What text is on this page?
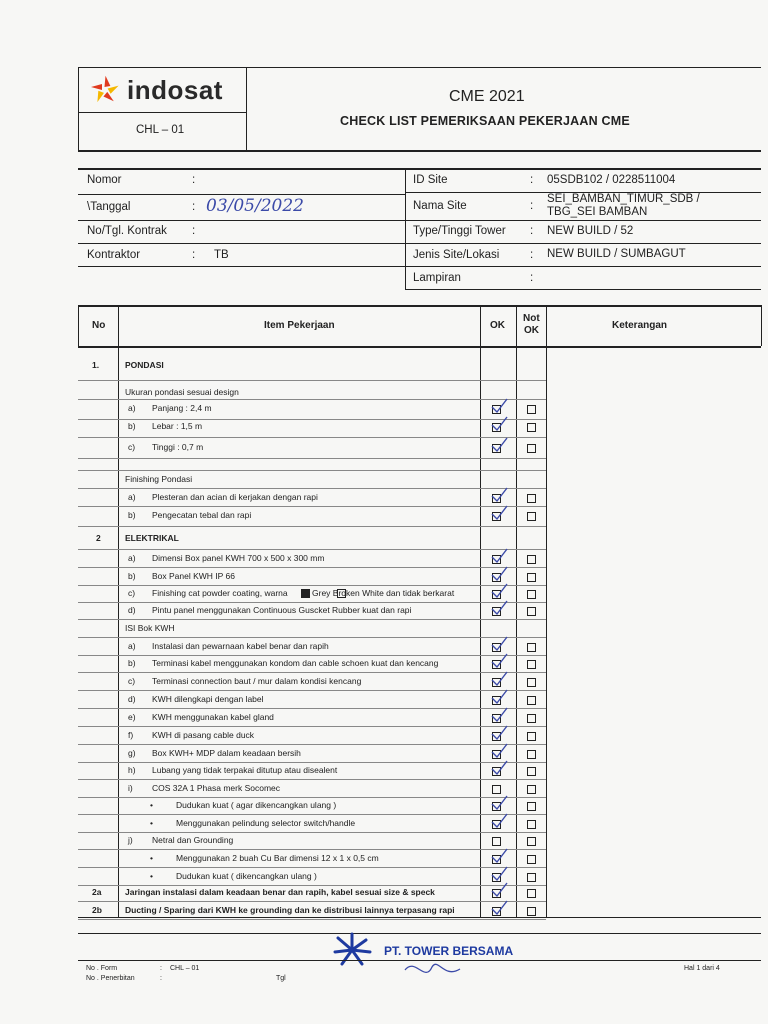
indosat
CHL – 01
CME 2021
CHECK LIST PEMERIKSAAN PEKERJAAN CME
Nomor	:
\Tanggal	: 03/05/2022
No/Tgl. Kontrak :
Kontraktor	: TB
ID Site	: 05SDB102 / 0228511004
Nama Site	:
SEI_BAMBAN_TIMUR_SDB /
TBG_SEI BAMBAN
Type/Tinggi Tower : NEW BUILD / 52
Jenis Site/Lokasi	: NEW BUILD / SUMBAGUT
Lampiran	:
No	Item Pekerjaan	OK
Not
OK	Keterangan
1.	PONDASI
Ukuran pondasi sesuai design
a) Panjang : 2,4 m
b) Lebar : 1,5 m
c) Tinggi : 0,7 m
Finishing Pondasi
a) Plesteran dan acian di kerjakan dengan rapi
b) Pengecatan tebal dan rapi
2	ELEKTRIKAL
a) Dimensi Box panel KWH 700 x 500 x 300 mm
b) Box Panel KWH IP 66
c) Finishing cat powder coating, warna	Grey Broken White dan tidak berkarat
d) Pintu panel menggunakan Continuous Guscket Rubber kuat dan rapi
ISI Bok KWH
a) Instalasi dan pewarnaan kabel benar dan rapih
b) Terminasi kabel menggunakan kondom dan cable schoen kuat dan kencang
c) Terminasi connection baut / mur dalam kondisi kencang
d) KWH dilengkapi dengan label
e) KWH menggunakan kabel gland
f) KWH di pasang cable duck
g) Box KWH+ MDP dalam keadaan bersih
h) Lubang yang tidak terpakai ditutup atau disealent
i) COS 32A 1 Phasa merk Socomec
•	Dudukan kuat ( agar dikencangkan ulang )
•	Menggunakan pelindung selector switch/handle
j) Netral dan Grounding
•	Menggunakan 2 buah Cu Bar dimensi 12 x 1 x 0,5 cm
•	Dudukan kuat ( dikencangkan ulang )
2a	Jaringan instalasi dalam keadaan benar dan rapih, kabel sesuai size & speck
2b	Ducting / Sparing dari KWH ke grounding dan ke distribusi lainnya terpasang rapi
PT. TOWER BERSAMA
No . Form	: CHL – 01
No . Penerbitan	:	Tgl
Hal 1 dari 4
